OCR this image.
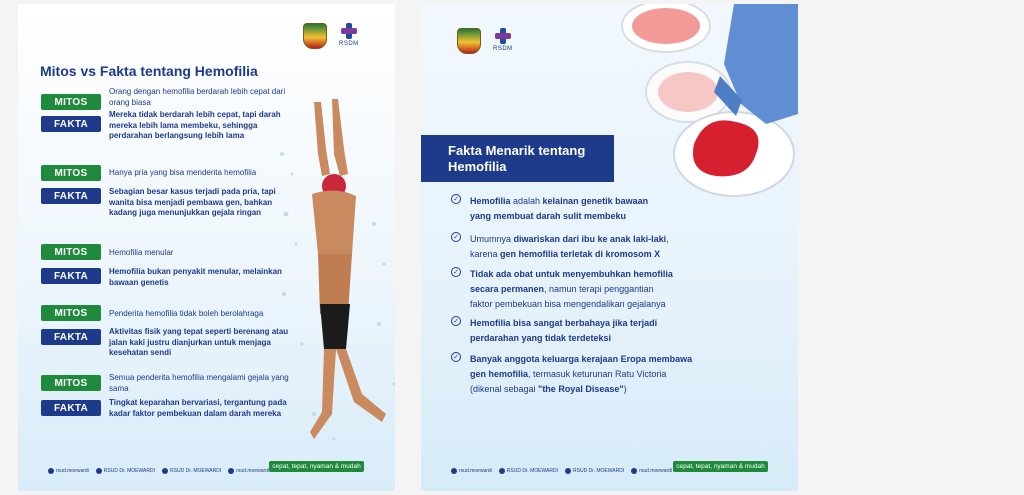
RSDM
Mitos vs Fakta tentang Hemofilia
MITOS
Orang dengan hemofilia berdarah lebih cepat dari orang biasa
FAKTA
Mereka tidak berdarah lebih cepat, tapi darah mereka lebih lama membeku, sehingga perdarahan berlangsung lebih lama
MITOS	Hanya pria yang bisa menderita hemofilia
FAKTA	Sebagian besar kasus terjadi pada pria, tapi wanita bisa menjadi pembawa gen, bahkan kadang juga menunjukkan gejala ringan
MITOS	Hemofilia menular
FAKTA	Hemofilia bukan penyakit menular, melainkan bawaan genetis
MITOS	Penderita hemofilia tidak boleh berolahraga
FAKTA	Aktivitas fisik yang tepat seperti berenang atau jalan kaki justru dianjurkan untuk menjaga kesehatan sendi
MITOS	Semua penderita hemofilia mengalami gejala yang sama
FAKTA	Tingkat keparahan bervariasi, tergantung pada kadar faktor pembekuan dalam darah mereka
rsud.moewardi	RSUD Dr. MOEWARDI	RSUD Dr. MOEWARDI	rsud.moewardi
cepat, tepat, nyaman & mudah
RSDM
Fakta Menarik tentang
Hemofilia
✓ Hemofilia adalah kelainan genetik bawaan
yang membuat darah sulit membeku
✓ Umumnya diwariskan dari ibu ke anak laki-laki,
karena gen hemofilia terletak di kromosom X
✓ Tidak ada obat untuk menyembuhkan hemofilia
secara permanen, namun terapi penggantian
faktor pembekuan bisa mengendalikan gejalanya
✓ Hemofilia bisa sangat berbahaya jika terjadi
perdarahan yang tidak terdeteksi
✓ Banyak anggota keluarga kerajaan Eropa membawa
gen hemofilia, termasuk keturunan Ratu Victoria
(dikenal sebagai "the Royal Disease")
rsud.moewardi	RSUD Dr. MOEWARDI	RSUD Dr. MOEWARDI	rsud.moewardi
cepat, tepat, nyaman & mudah
